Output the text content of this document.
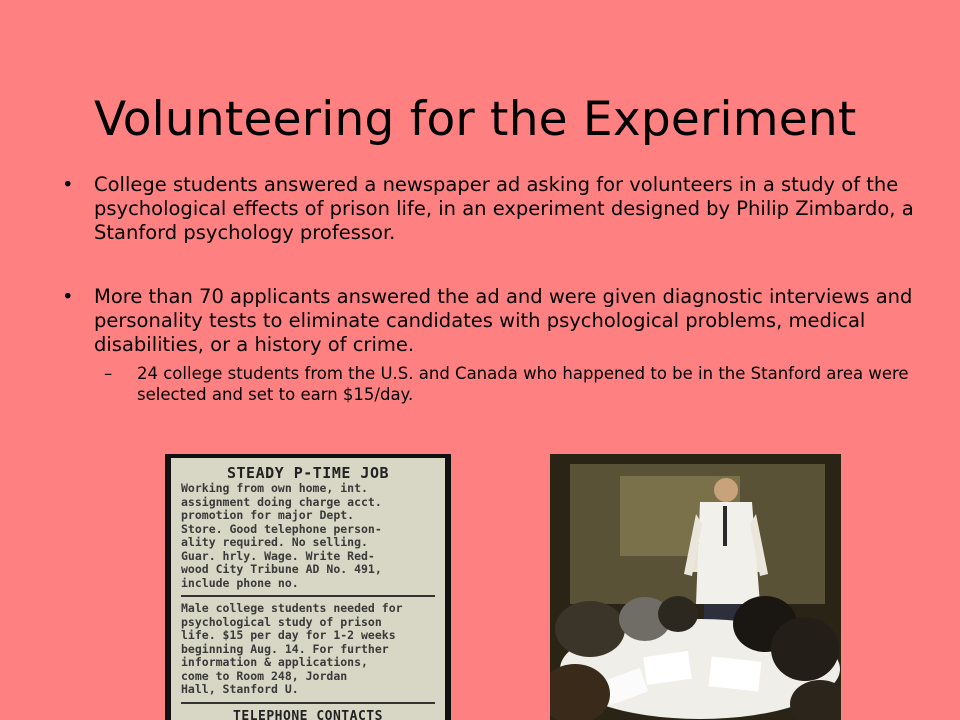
Volunteering for the Experiment
• College students answered a newspaper ad asking for volunteers in a study of the psychological effects of prison life, in an experiment designed by Philip Zimbardo, a Stanford psychology professor.
• More than 70 applicants answered the ad and were given diagnostic interviews and personality tests to eliminate candidates with psychological problems, medical disabilities, or a history of crime.
– 24 college students from the U.S. and Canada who happened to be in the Stanford area were selected and set to earn $15/day.
STEADY P-TIME JOB
Working from own home, int.
assignment doing charge acct.
promotion for major Dept.
Store. Good telephone person-
ality required. No selling.
Guar. hrly. Wage. Write Red-
wood City Tribune AD No. 491,
include phone no.
Male college students needed for
psychological study of prison
life. $15 per day for 1-2 weeks
beginning Aug. 14. For further
information & applications,
come to Room 248, Jordan
Hall, Stanford U.
TELEPHONE CONTACTS
